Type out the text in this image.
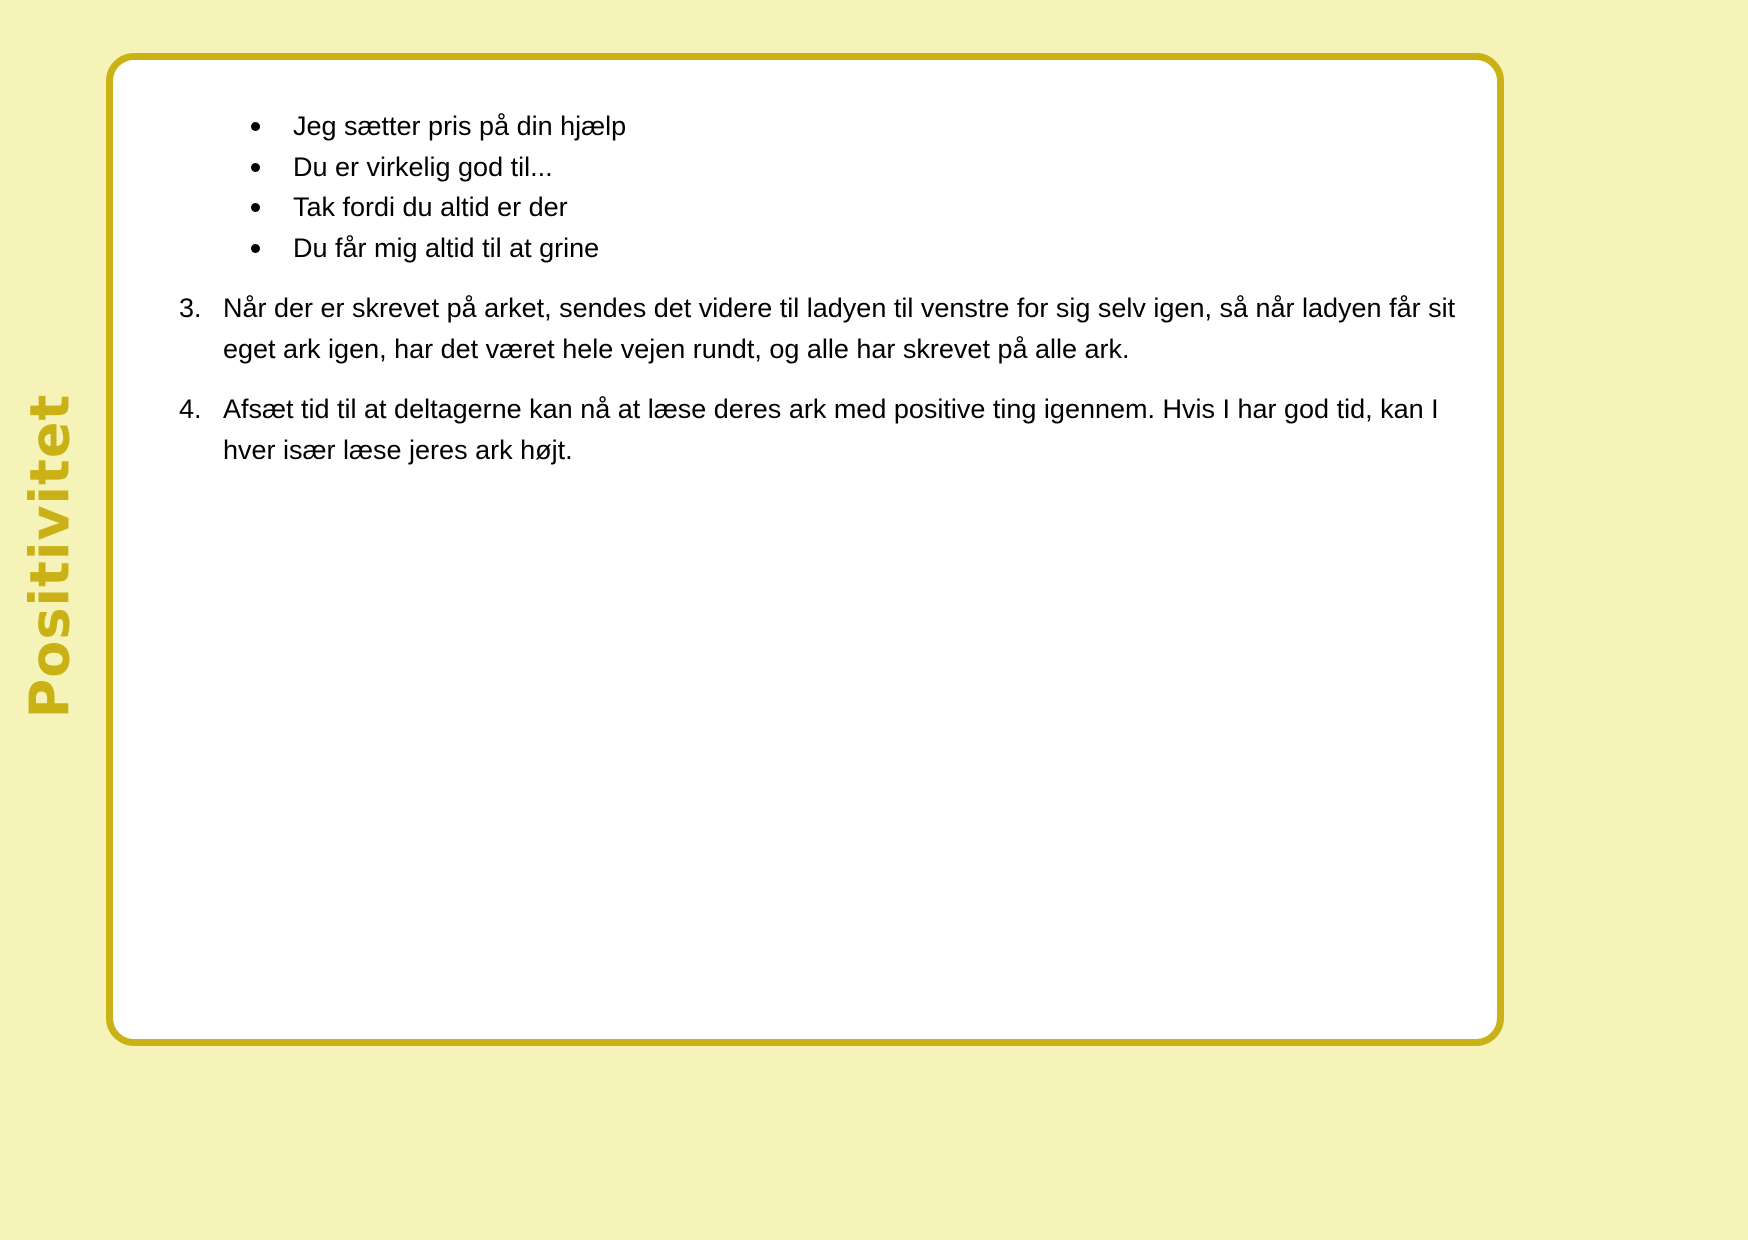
Positivitet
Jeg sætter pris på din hjælp
Du er virkelig god til...
Tak fordi du altid er der
Du får mig altid til at grine
3. Når der er skrevet på arket, sendes det videre til ladyen til venstre for sig selv igen, så når ladyen får sit eget ark igen, har det været hele vejen rundt, og alle har skrevet på alle ark.
4. Afsæt tid til at deltagerne kan nå at læse deres ark med positive ting igennem. Hvis I har god tid, kan I hver især læse jeres ark højt.
